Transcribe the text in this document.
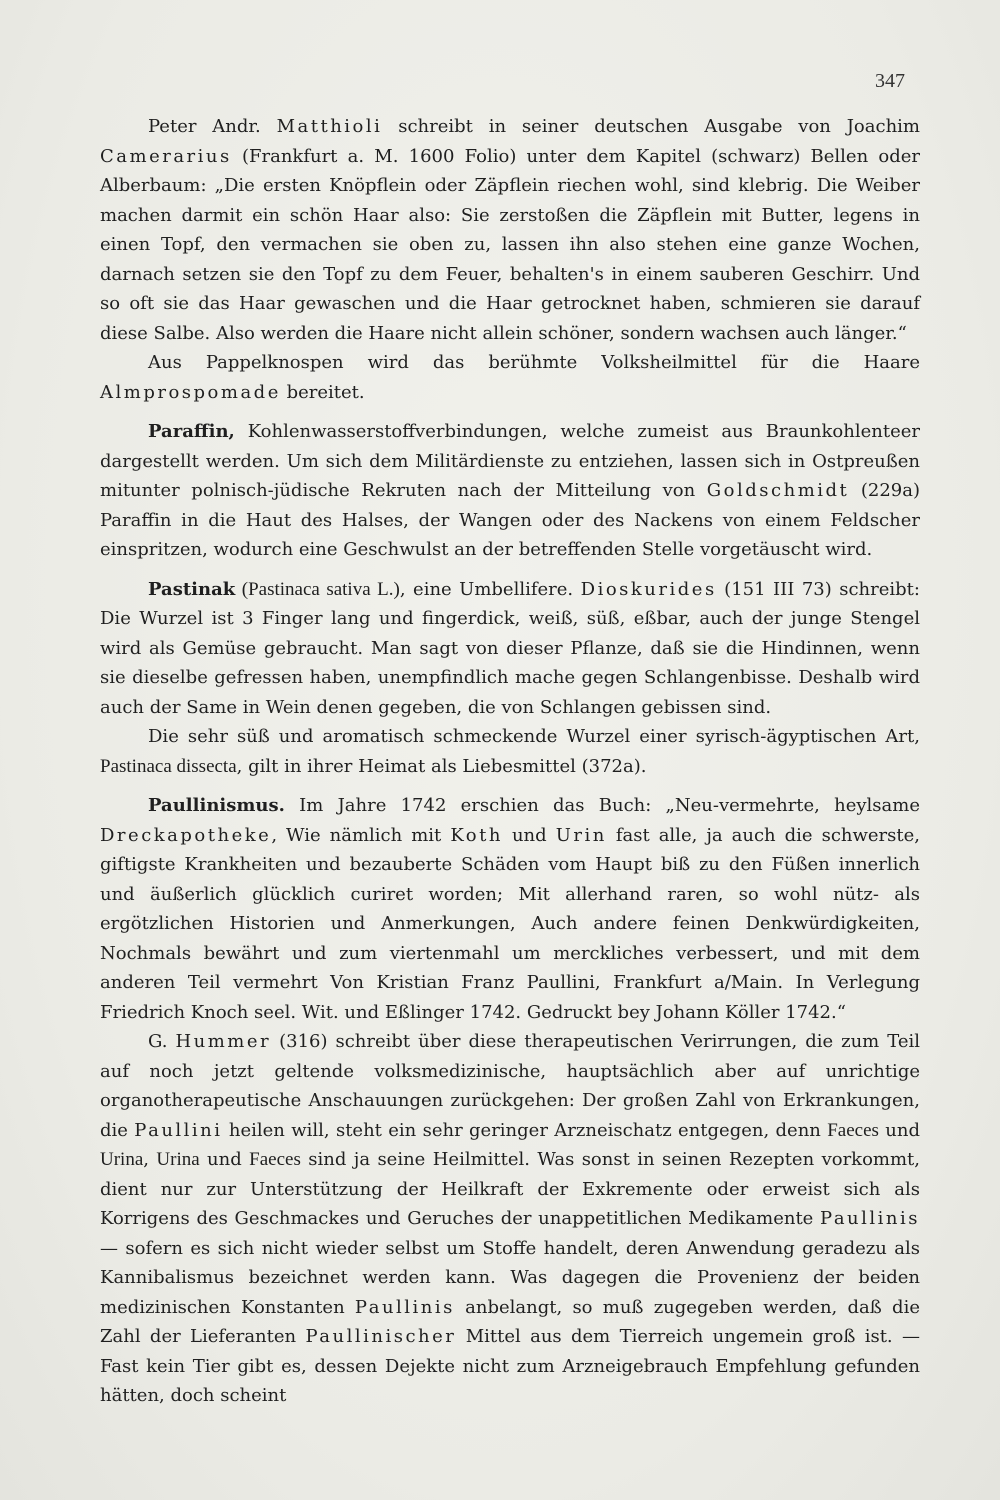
347

Peter Andr. Matthioli schreibt in seiner deutschen Ausgabe von Joachim Camerarius (Frankfurt a. M. 1600 Folio) unter dem Kapitel (schwarz) Bellen oder Alberbaum: „Die ersten Knöpflein oder Zäpflein riechen wohl, sind klebrig. Die Weiber machen darmit ein schön Haar also: Sie zerstoßen die Zäpflein mit Butter, legens in einen Topf, den vermachen sie oben zu, lassen ihn also stehen eine ganze Wochen, darnach setzen sie den Topf zu dem Feuer, behalten's in einem sauberen Geschirr. Und so oft sie das Haar gewaschen und die Haar getrocknet haben, schmieren sie darauf diese Salbe. Also werden die Haare nicht allein schöner, sondern wachsen auch länger.“

Aus Pappelknospen wird das berühmte Volksheilmittel für die Haare Almprospomade bereitet.

Paraffin, Kohlenwasserstoffverbindungen, welche zumeist aus Braunkohlenteer dargestellt werden. Um sich dem Militärdienste zu entziehen, lassen sich in Ostpreußen mitunter polnisch-jüdische Rekruten nach der Mitteilung von Goldschmidt (229a) Paraffin in die Haut des Halses, der Wangen oder des Nackens von einem Feldscher einspritzen, wodurch eine Geschwulst an der betreffenden Stelle vorgetäuscht wird.

Pastinak (Pastinaca sativa L.), eine Umbellifere. Dioskurides (151 III 73) schreibt: Die Wurzel ist 3 Finger lang und fingerdick, weiß, süß, eßbar, auch der junge Stengel wird als Gemüse gebraucht. Man sagt von dieser Pflanze, daß sie die Hindinnen, wenn sie dieselbe gefressen haben, unempfindlich mache gegen Schlangenbisse. Deshalb wird auch der Same in Wein denen gegeben, die von Schlangen gebissen sind.

Die sehr süß und aromatisch schmeckende Wurzel einer syrisch-ägyptischen Art, Pastinaca dissecta, gilt in ihrer Heimat als Liebesmittel (372a).

Paullinismus. Im Jahre 1742 erschien das Buch: „Neu-vermehrte, heylsame Dreckapotheke, Wie nämlich mit Koth und Urin fast alle, ja auch die schwerste, giftigste Krankheiten und bezauberte Schäden vom Haupt biß zu den Füßen innerlich und äußerlich glücklich curiret worden; Mit allerhand raren, so wohl nütz- als ergötzlichen Historien und Anmerkungen, Auch andere feinen Denkwürdigkeiten, Nochmals bewährt und zum viertenmahl um merckliches verbessert, und mit dem anderen Teil vermehrt Von Kristian Franz Paullini, Frankfurt a/Main. In Verlegung Friedrich Knoch seel. Wit. und Eßlinger 1742. Gedruckt bey Johann Köller 1742.“

G. Hummer (316) schreibt über diese therapeutischen Verirrungen, die zum Teil auf noch jetzt geltende volksmedizinische, hauptsächlich aber auf unrichtige organotherapeutische Anschauungen zurückgehen: Der großen Zahl von Erkrankungen, die Paullini heilen will, steht ein sehr geringer Arzneischatz entgegen, denn Faeces und Urina, Urina und Faeces sind ja seine Heilmittel. Was sonst in seinen Rezepten vorkommt, dient nur zur Unterstützung der Heilkraft der Exkremente oder erweist sich als Korrigens des Geschmackes und Geruches der unappetitlichen Medikamente Paullinis — sofern es sich nicht wieder selbst um Stoffe handelt, deren Anwendung geradezu als Kannibalismus bezeichnet werden kann. Was dagegen die Provenienz der beiden medizinischen Konstanten Paullinis anbelangt, so muß zugegeben werden, daß die Zahl der Lieferanten Paullinischer Mittel aus dem Tierreich ungemein groß ist. — Fast kein Tier gibt es, dessen Dejekte nicht zum Arzneigebrauch Empfehlung gefunden hätten, doch scheint
